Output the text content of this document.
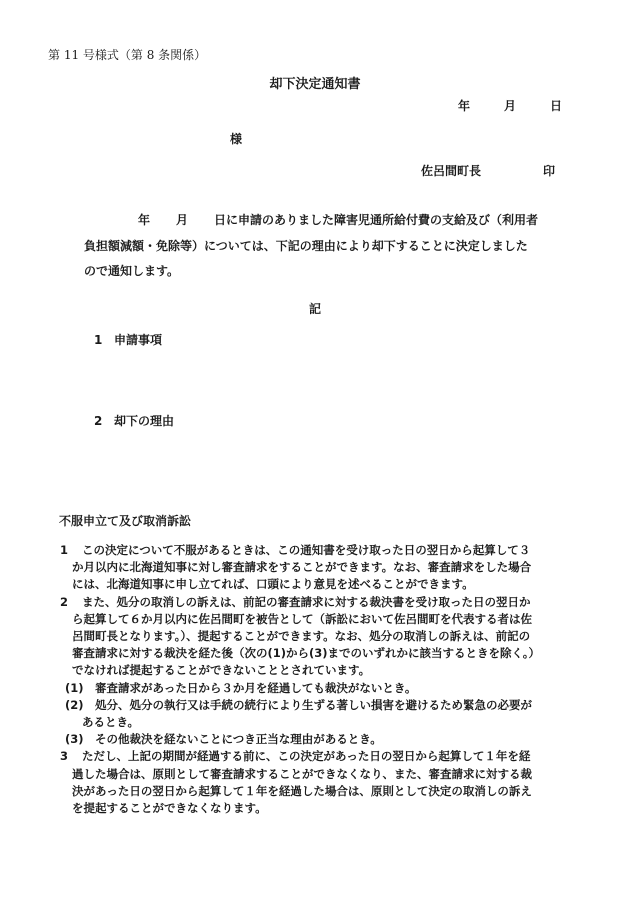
第 11 号様式（第 8 条関係）
却下決定通知書
年	月	日
様
佐呂間町長	印
年 月 日に申請のありました障害児通所給付費の支給及び（利用者
負担額減額・免除等）については、下記の理由により却下することに決定しました
ので通知します。
記
1 申請事項
2 却下の理由
不服申立て及び取消訴訟
1 この決定について不服があるときは、この通知書を受け取った日の翌日から起算して３
か月以内に北海道知事に対し審査請求をすることができます。なお、審査請求をした場合
には、北海道知事に申し立てれば、口頭により意見を述べることができます。
2 また、処分の取消しの訴えは、前記の審査請求に対する裁決書を受け取った日の翌日か
ら起算して６か月以内に佐呂間町を被告として（訴訟において佐呂間町を代表する者は佐
呂間町長となります。）、提起することができます。なお、処分の取消しの訴えは、前記の
審査請求に対する裁決を経た後（次の(1)から(3)までのいずれかに該当するときを除く。）
でなければ提起することができないこととされています。
(1) 審査請求があった日から３か月を経過しても裁決がないとき。
(2) 処分、処分の執行又は手続の続行により生ずる著しい損害を避けるため緊急の必要が
あるとき。
(3) その他裁決を経ないことにつき正当な理由があるとき。
3 ただし、上記の期間が経過する前に、この決定があった日の翌日から起算して１年を経
過した場合は、原則として審査請求することができなくなり、また、審査請求に対する裁
決があった日の翌日から起算して１年を経過した場合は、原則として決定の取消しの訴え
を提起することができなくなります。
